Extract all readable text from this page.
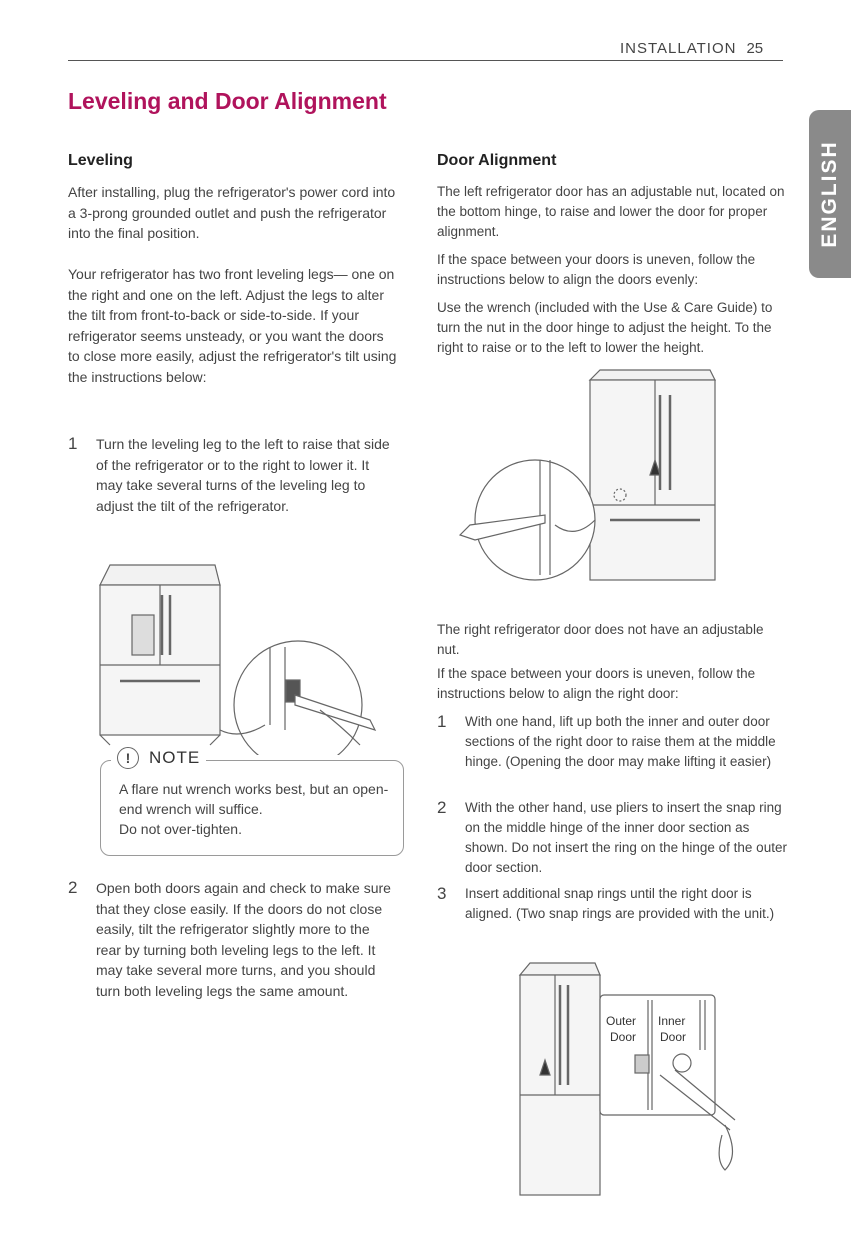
INSTALLATION 25
Leveling and Door Alignment
ENGLISH
Leveling
After installing, plug the refrigerator's power cord into a 3-prong grounded outlet and push the refrigerator into the final position.
Your refrigerator has two front leveling legs— one on the right and one on the left. Adjust the legs to alter the tilt from front-to-back or side-to-side. If your refrigerator seems unsteady, or you want the doors to close more easily, adjust the refrigerator's tilt using the instructions below:
1	Turn the leveling leg to the left to raise that side of the refrigerator or to the right to lower it. It may take several turns of the leveling leg to adjust the tilt of the refrigerator.
!	NOTE
A flare nut wrench works best, but an open-end wrench will suffice.
Do not over-tighten.
2	Open both doors again and check to make sure that they close easily. If the doors do not close easily, tilt the refrigerator slightly more to the rear by turning both leveling legs to the left. It may take several more turns, and you should turn both leveling legs the same amount.
Door Alignment
The left refrigerator door has an adjustable nut, located on the bottom hinge, to raise and lower the door for proper alignment.
If the space between your doors is uneven, follow the instructions below to align the doors evenly:
Use the wrench (included with the Use & Care Guide) to turn the nut in the door hinge to adjust the height. To the right to raise or to the left to lower the height.
The right refrigerator door does not have an adjustable nut.
If the space between your doors is uneven, follow the instructions below to align the right door:
1	With one hand, lift up both the inner and outer door sections of the right door to raise them at the middle hinge. (Opening the door may make lifting it easier)
2	With the other hand, use pliers to insert the snap ring on the middle hinge of the inner door section as shown. Do not insert the ring on the hinge of the outer door section.
3	Insert additional snap rings until the right door is aligned. (Two snap rings are provided with the unit.)
Outer
Door
Inner
Door
